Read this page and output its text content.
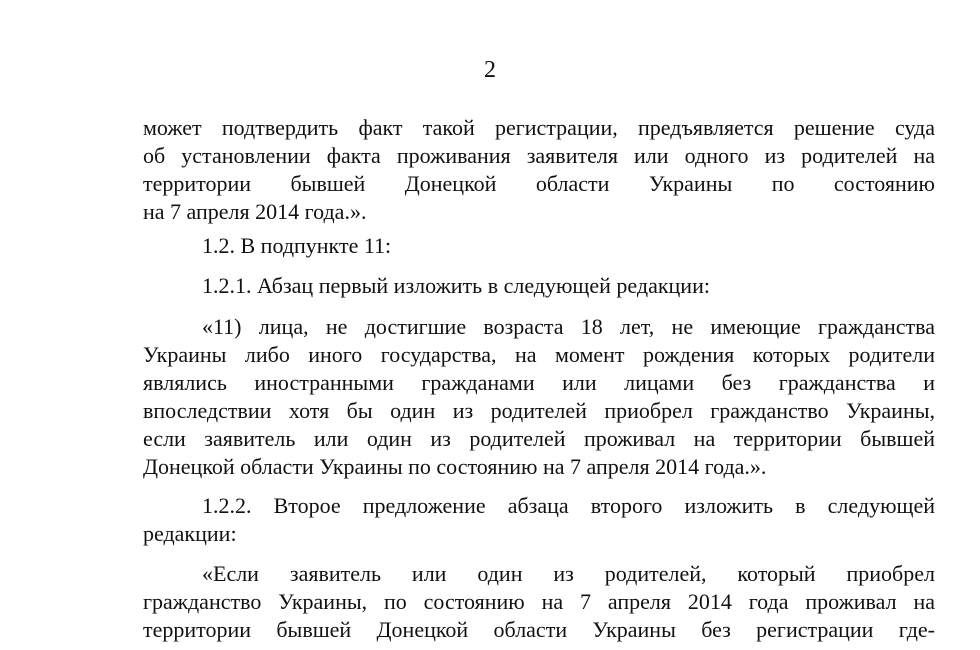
2
может подтвердить факт такой регистрации, предъявляется решение суда
об установлении факта проживания заявителя или одного из родителей на
территории бывшей Донецкой области Украины по состоянию
на 7 апреля 2014 года.».
1.2. В подпункте 11:
1.2.1. Абзац первый изложить в следующей редакции:
«11) лица, не достигшие возраста 18 лет, не имеющие гражданства
Украины либо иного государства, на момент рождения которых родители
являлись иностранными гражданами или лицами без гражданства и
впоследствии хотя бы один из родителей приобрел гражданство Украины,
если заявитель или один из родителей проживал на территории бывшей
Донецкой области Украины по состоянию на 7 апреля 2014 года.».
1.2.2. Второе предложение абзаца второго изложить в следующей
редакции:
«Если заявитель или один из родителей, который приобрел
гражданство Украины, по состоянию на 7 апреля 2014 года проживал на
территории бывшей Донецкой области Украины без регистрации где-
